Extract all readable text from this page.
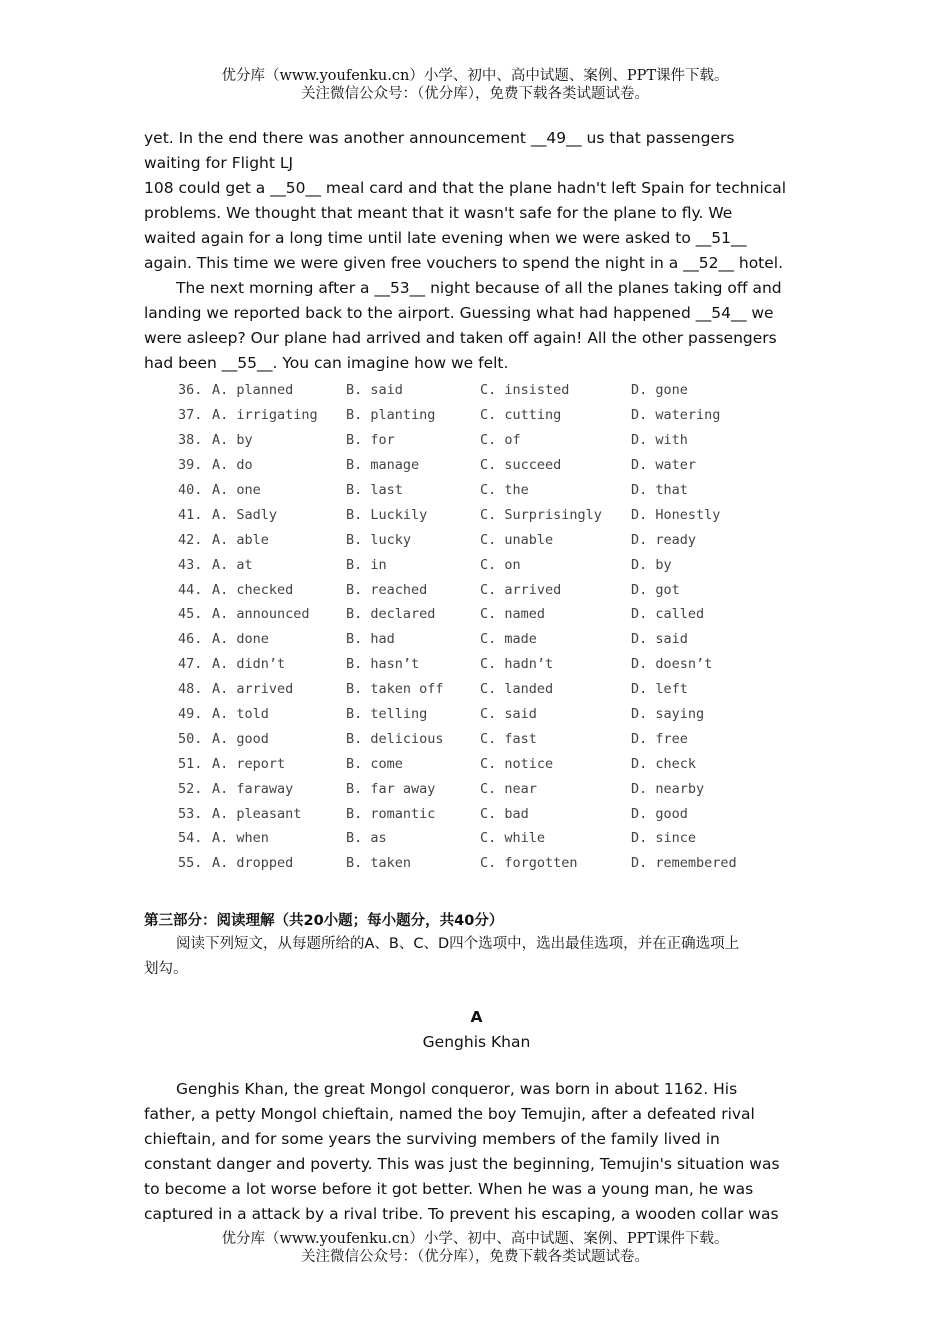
优分库（www.youfenku.cn）小学、初中、高中试题、案例、PPT课件下载。
关注微信公众号：（优分库），免费下载各类试题试卷。

yet. In the end there was another announcement __49__ us that passengers
waiting for Flight LJ
108 could get a __50__ meal card and that the plane hadn't left Spain for technical
problems. We thought that meant that it wasn't safe for the plane to fly. We
waited again for a long time until late evening when we were asked to __51__
again. This time we were given free vouchers to spend the night in a __52__ hotel.

The next morning after a __53__ night because of all the planes taking off and
landing we reported back to the airport. Guessing what had happened __54__ we
were asleep? Our plane had arrived and taken off again! All the other passengers
had been __55__. You can imagine how we felt.

36. A. planned	B. said	C. insisted	D. gone
37. A. irrigating	B. planting	C. cutting	D. watering
38. A. by	B. for	C. of	D. with
39. A. do	B. manage	C. succeed	D. water
40. A. one	B. last	C. the	D. that
41. A. Sadly	B. Luckily	C. Surprisingly	D. Honestly
42. A. able	B. lucky	C. unable	D. ready
43. A. at	B. in	C. on	D. by
44. A. checked	B. reached	C. arrived	D. got
45. A. announced	B. declared	C. named	D. called
46. A. done	B. had	C. made	D. said
47. A. didn’t	B. hasn’t	C. hadn’t	D. doesn’t
48. A. arrived	B. taken off	C. landed	D. left
49. A. told	B. telling	C. said	D. saying
50. A. good	B. delicious	C. fast	D. free
51. A. report	B. come	C. notice	D. check
52. A. faraway	B. far away	C. near	D. nearby
53. A. pleasant	B. romantic	C. bad	D. good
54. A. when	B. as	C. while	D. since
55. A. dropped	B. taken	C. forgotten	D. remembered
第三部分：阅读理解（共20小题；每小题分，共40分）
阅读下列短文，从每题所给的A、B、C、D四个选项中，选出最佳选项，并在正确选项上
划勾。
A
Genghis Khan

Genghis Khan, the great Mongol conqueror, was born in about 1162. His
father, a petty Mongol chieftain, named the boy Temujin, after a defeated rival
chieftain, and for some years the surviving members of the family lived in
constant danger and poverty. This was just the beginning, Temujin's situation was
to become a lot worse before it got better. When he was a young man, he was
captured in a attack by a rival tribe. To prevent his escaping, a wooden collar was

优分库（www.youfenku.cn）小学、初中、高中试题、案例、PPT课件下载。
关注微信公众号：（优分库），免费下载各类试题试卷。
